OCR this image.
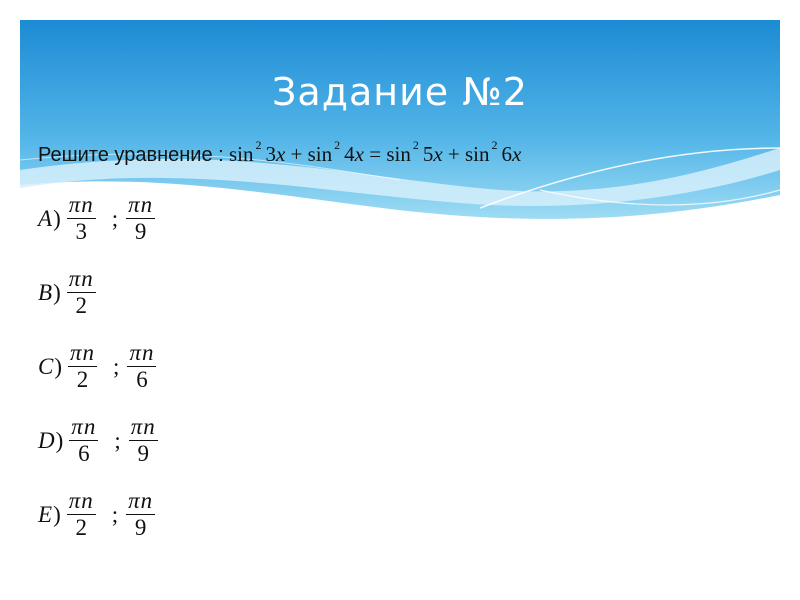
Задание №2
Решите уравнение : sin $^2$ 3x + sin $^2$ 4x = sin $^2$ 5x + sin $^2$ 6x
A ) $\frac{\pi n}{3}$ ; $\frac{\pi n}{9}$
B ) $\frac{\pi n}{2}$
C ) $\frac{\pi n}{2}$ ; $\frac{\pi n}{6}$
D ) $\frac{\pi n}{6}$ ; $\frac{\pi n}{9}$
E ) $\frac{\pi n}{2}$ ; $\frac{\pi n}{9}$
